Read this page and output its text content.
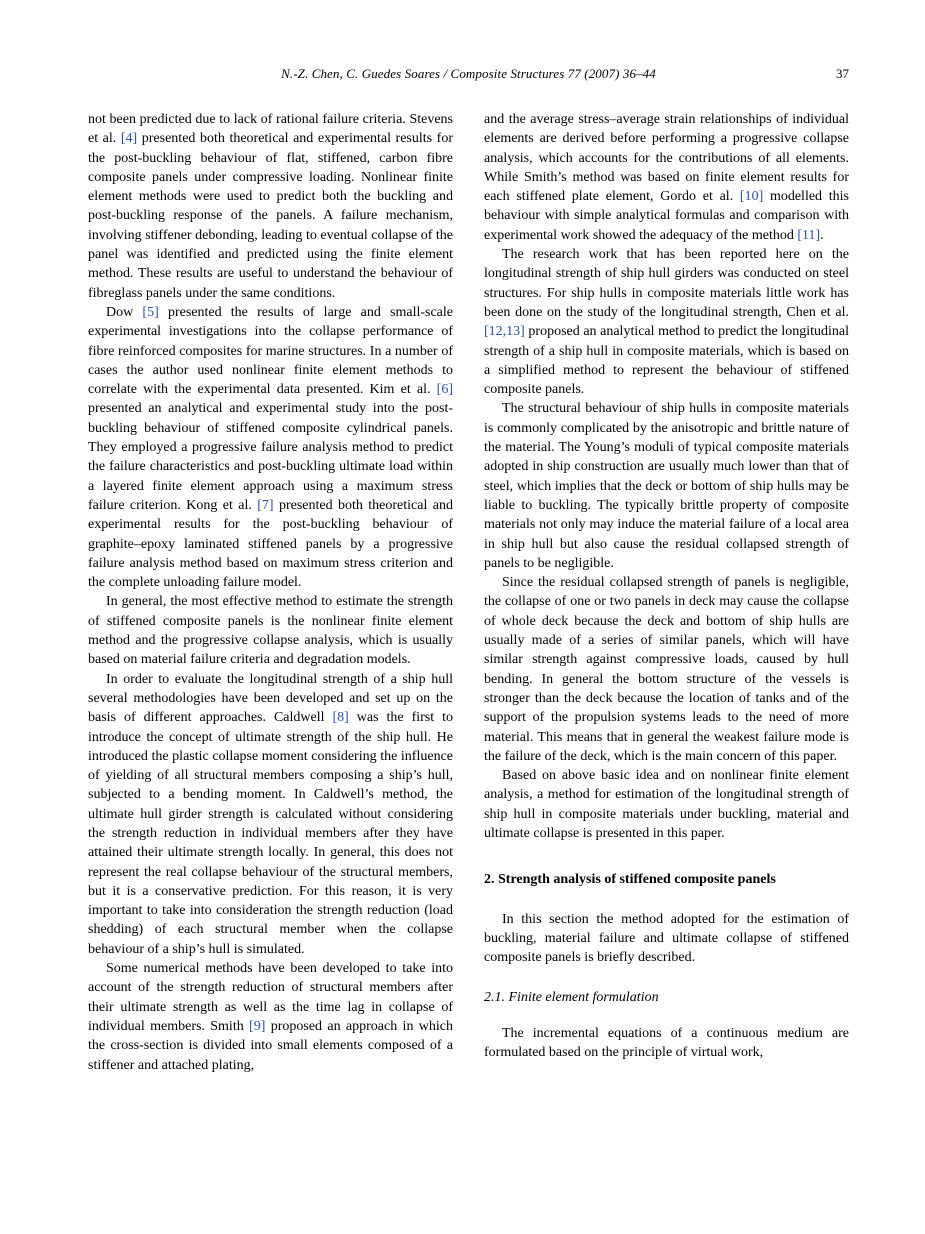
N.-Z. Chen, C. Guedes Soares / Composite Structures 77 (2007) 36–44	37

not been predicted due to lack of rational failure criteria. Stevens et al. [4] presented both theoretical and experimental results for the post-buckling behaviour of flat, stiffened, carbon fibre composite panels under compressive loading. Nonlinear finite element methods were used to predict both the buckling and post-buckling response of the panels. A failure mechanism, involving stiffener debonding, leading to eventual collapse of the panel was identified and predicted using the finite element method. These results are useful to understand the behaviour of fibreglass panels under the same conditions.

Dow [5] presented the results of large and small-scale experimental investigations into the collapse performance of fibre reinforced composites for marine structures. In a number of cases the author used nonlinear finite element methods to correlate with the experimental data presented. Kim et al. [6] presented an analytical and experimental study into the post-buckling behaviour of stiffened composite cylindrical panels. They employed a progressive failure analysis method to predict the failure characteristics and post-buckling ultimate load within a layered finite element approach using a maximum stress failure criterion. Kong et al. [7] presented both theoretical and experimental results for the post-buckling behaviour of graphite–epoxy laminated stiffened panels by a progressive failure analysis method based on maximum stress criterion and the complete unloading failure model.

In general, the most effective method to estimate the strength of stiffened composite panels is the nonlinear finite element method and the progressive collapse analysis, which is usually based on material failure criteria and degradation models.

In order to evaluate the longitudinal strength of a ship hull several methodologies have been developed and set up on the basis of different approaches. Caldwell [8] was the first to introduce the concept of ultimate strength of the ship hull. He introduced the plastic collapse moment considering the influence of yielding of all structural members composing a ship’s hull, subjected to a bending moment. In Caldwell’s method, the ultimate hull girder strength is calculated without considering the strength reduction in individual members after they have attained their ultimate strength locally. In general, this does not represent the real collapse behaviour of the structural members, but it is a conservative prediction. For this reason, it is very important to take into consideration the strength reduction (load shedding) of each structural member when the collapse behaviour of a ship’s hull is simulated.

Some numerical methods have been developed to take into account of the strength reduction of structural members after their ultimate strength as well as the time lag in collapse of individual members. Smith [9] proposed an approach in which the cross-section is divided into small elements composed of a stiffener and attached plating,

and the average stress–average strain relationships of individual elements are derived before performing a progressive collapse analysis, which accounts for the contributions of all elements. While Smith’s method was based on finite element results for each stiffened plate element, Gordo et al. [10] modelled this behaviour with simple analytical formulas and comparison with experimental work showed the adequacy of the method [11].

The research work that has been reported here on the longitudinal strength of ship hull girders was conducted on steel structures. For ship hulls in composite materials little work has been done on the study of the longitudinal strength, Chen et al. [12,13] proposed an analytical method to predict the longitudinal strength of a ship hull in composite materials, which is based on a simplified method to represent the behaviour of stiffened composite panels.

The structural behaviour of ship hulls in composite materials is commonly complicated by the anisotropic and brittle nature of the material. The Young’s moduli of typical composite materials adopted in ship construction are usually much lower than that of steel, which implies that the deck or bottom of ship hulls may be liable to buckling. The typically brittle property of composite materials not only may induce the material failure of a local area in ship hull but also cause the residual collapsed strength of panels to be negligible.

Since the residual collapsed strength of panels is negligible, the collapse of one or two panels in deck may cause the collapse of whole deck because the deck and bottom of ship hulls are usually made of a series of similar panels, which will have similar strength against compressive loads, caused by hull bending. In general the bottom structure of the vessels is stronger than the deck because the location of tanks and of the support of the propulsion systems leads to the need of more material. This means that in general the weakest failure mode is the failure of the deck, which is the main concern of this paper.

Based on above basic idea and on nonlinear finite element analysis, a method for estimation of the longitudinal strength of ship hull in composite materials under buckling, material and ultimate collapse is presented in this paper.

2. Strength analysis of stiffened composite panels

In this section the method adopted for the estimation of buckling, material failure and ultimate collapse of stiffened composite panels is briefly described.

2.1. Finite element formulation

The incremental equations of a continuous medium are formulated based on the principle of virtual work,
